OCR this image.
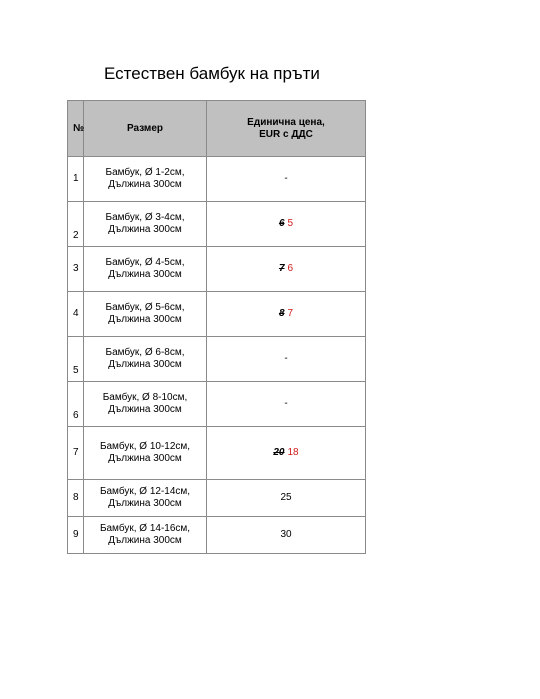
Естествен бамбук на пръти
№	Размер	Единична цена,
EUR с ДДС

1	Бамбук, Ø 1-2см,
Дължина 300см	-
2	Бамбук, Ø 3-4см,
Дължина 300см	6 5
3	Бамбук, Ø 4-5см,
Дължина 300см	7 6
4	Бамбук, Ø 5-6см,
Дължина 300см	8 7
5	Бамбук, Ø 6-8см,
Дължина 300см	-
6	Бамбук, Ø 8-10см,
Дължина 300см	-
7	Бамбук, Ø 10-12см,
Дължина 300см	20 18
8	Бамбук, Ø 12-14см,
Дължина 300см	25
9	Бамбук, Ø 14-16см,
Дължина 300см	30
